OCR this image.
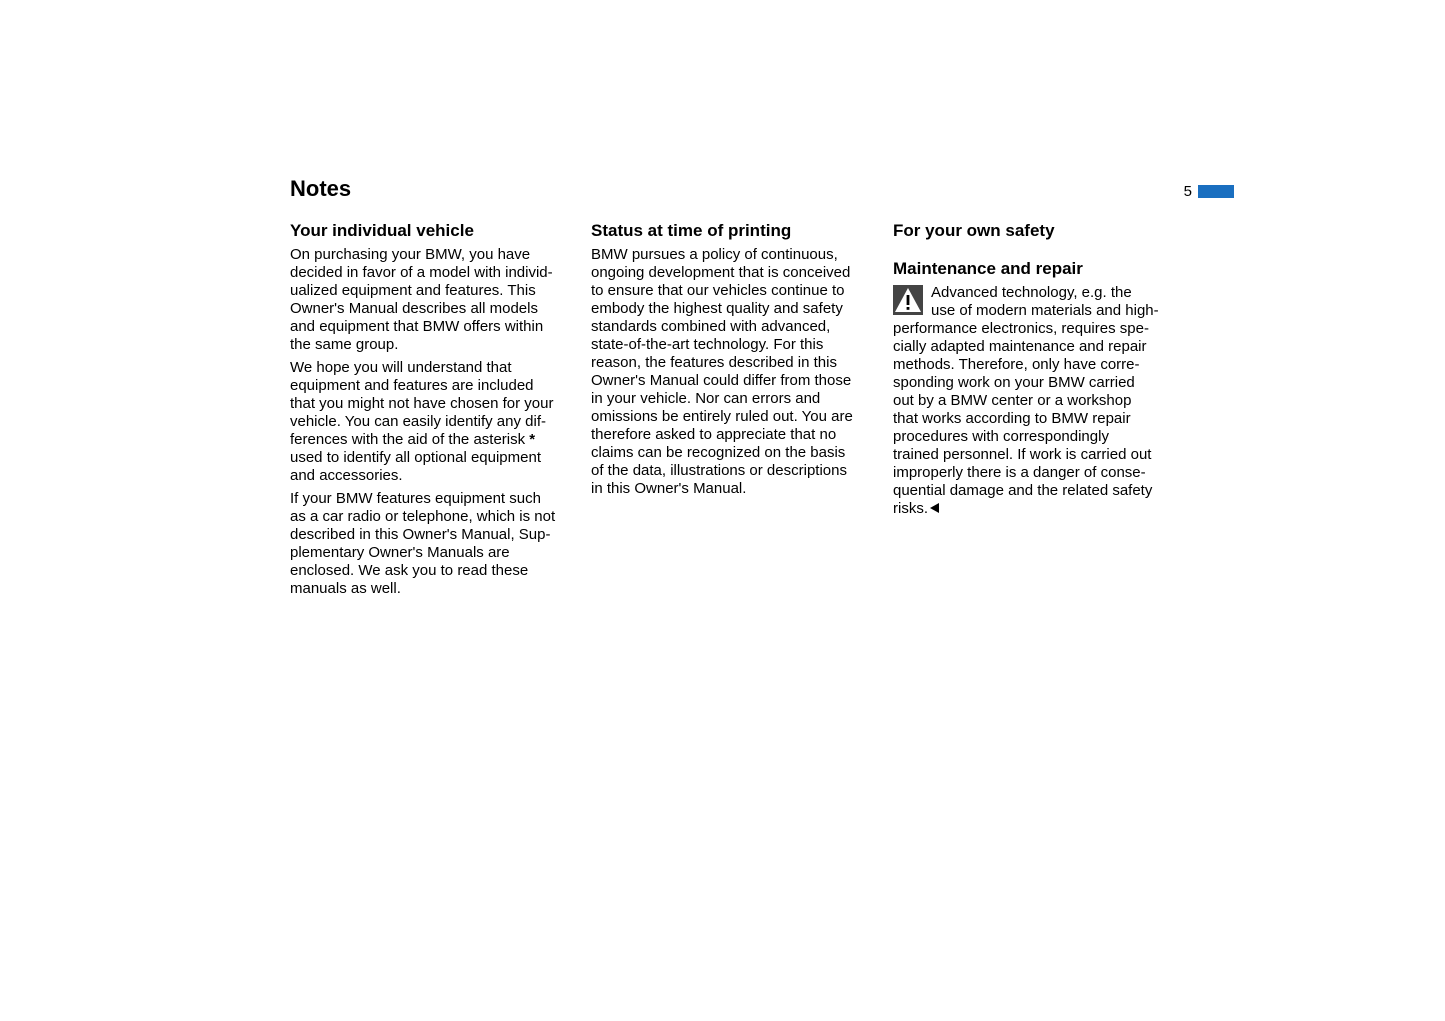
Notes	5
Your individual vehicle

On purchasing your BMW, you have
decided in favor of a model with individ-
ualized equipment and features. This
Owner's Manual describes all models
and equipment that BMW offers within
the same group.

We hope you will understand that
equipment and features are included
that you might not have chosen for your
vehicle. You can easily identify any dif-
ferences with the aid of the asterisk *
used to identify all optional equipment
and accessories.

If your BMW features equipment such
as a car radio or telephone, which is not
described in this Owner's Manual, Sup-
plementary Owner's Manuals are
enclosed. We ask you to read these
manuals as well.

Status at time of printing

BMW pursues a policy of continuous,
ongoing development that is conceived
to ensure that our vehicles continue to
embody the highest quality and safety
standards combined with advanced,
state-of-the-art technology. For this
reason, the features described in this
Owner's Manual could differ from those
in your vehicle. Nor can errors and
omissions be entirely ruled out. You are
therefore asked to appreciate that no
claims can be recognized on the basis
of the data, illustrations or descriptions
in this Owner's Manual.

For your own safety
Maintenance and repair

Advanced technology, e.g. the
use of modern materials and high-
performance electronics, requires spe-
cially adapted maintenance and repair
methods. Therefore, only have corre-
sponding work on your BMW carried
out by a BMW center or a workshop
that works according to BMW repair
procedures with correspondingly
trained personnel. If work is carried out
improperly there is a danger of conse-
quential damage and the related safety
risks.
